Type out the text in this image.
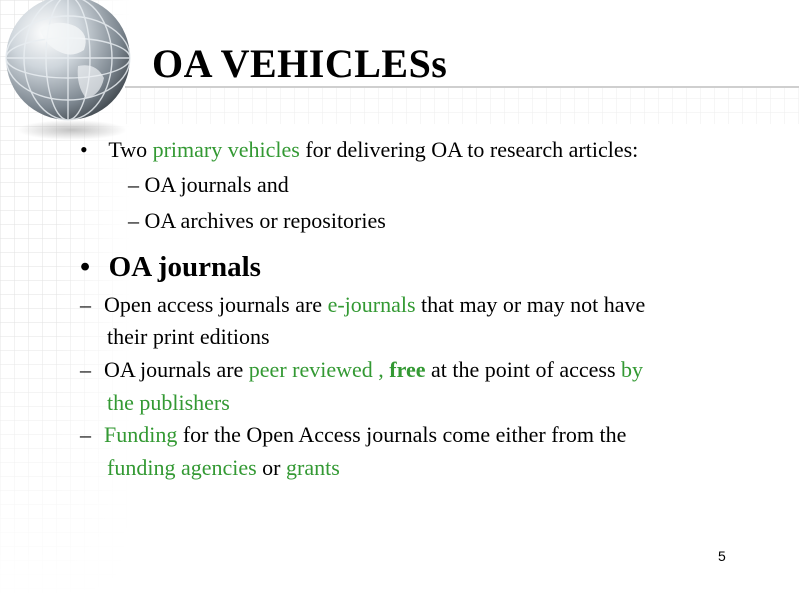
OA VEHICLESs
• Two primary vehicles for delivering OA to research articles:
– OA journals and
– OA archives or repositories
• OA journals
– Open access journals are e-journals that may or may not have
their print editions
– OA journals are peer reviewed , free at the point of access by
the publishers
– Funding for the Open Access journals come either from the
funding agencies or grants
5
